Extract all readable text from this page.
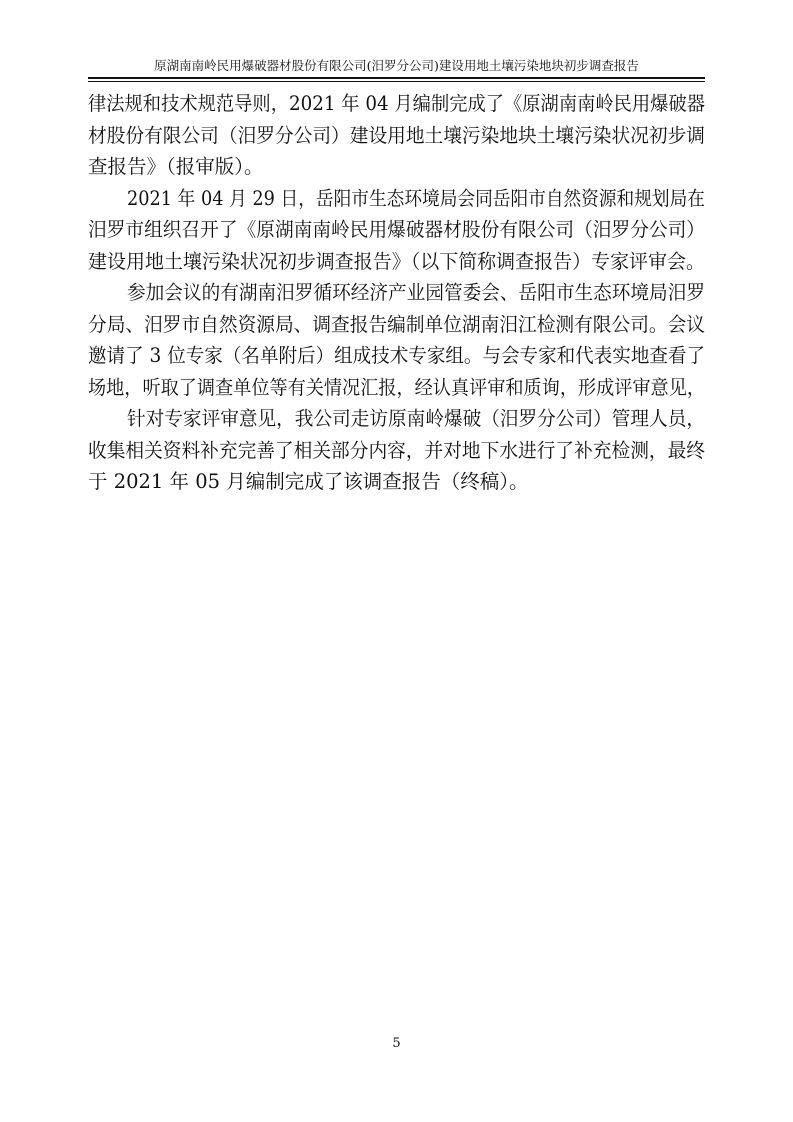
原湖南南岭民用爆破器材股份有限公司(汨罗分公司)建设用地土壤污染地块初步调查报告
律法规和技术规范导则，2021 年 04 月编制完成了《原湖南南岭民用爆破器
材股份有限公司（汨罗分公司）建设用地土壤污染地块土壤污染状况初步调
查报告》（报审版）。
2021 年 04 月 29 日，岳阳市生态环境局会同岳阳市自然资源和规划局在
汨罗市组织召开了《原湖南南岭民用爆破器材股份有限公司（汨罗分公司）
建设用地土壤污染状况初步调查报告》（以下简称调查报告）专家评审会。
参加会议的有湖南汨罗循环经济产业园管委会、岳阳市生态环境局汨罗
分局、汨罗市自然资源局、调查报告编制单位湖南汨江检测有限公司。会议
邀请了 3 位专家（名单附后）组成技术专家组。与会专家和代表实地查看了
场地，听取了调查单位等有关情况汇报，经认真评审和质询，形成评审意见，
针对专家评审意见，我公司走访原南岭爆破（汨罗分公司）管理人员，
收集相关资料补充完善了相关部分内容，并对地下水进行了补充检测，最终
于 2021 年 05 月编制完成了该调查报告（终稿）。
5
